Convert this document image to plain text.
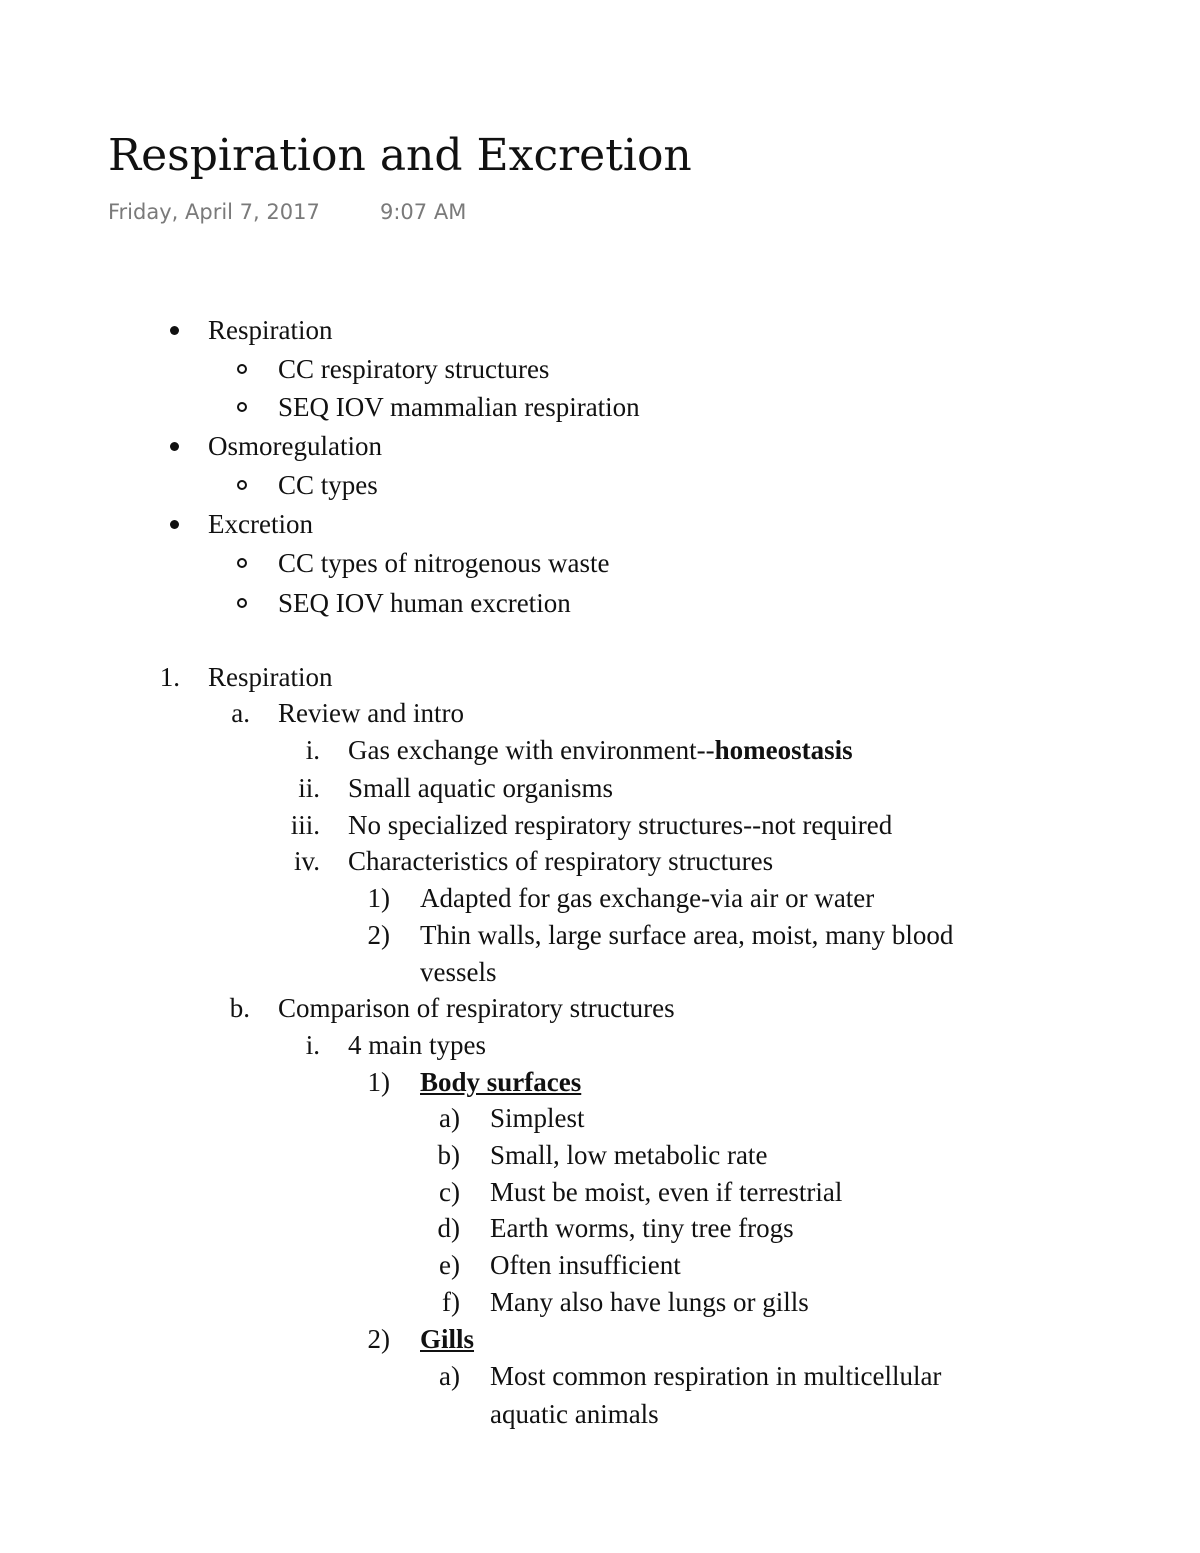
Respiration and Excretion
Friday, April 7, 2017	9:07 AM
Respiration
CC respiratory structures
SEQ IOV mammalian respiration
Osmoregulation
CC types
Excretion
CC types of nitrogenous waste
SEQ IOV human excretion
1. Respiration
a. Review and intro
i. Gas exchange with environment--homeostasis
ii. Small aquatic organisms
iii. No specialized respiratory structures--not required
iv. Characteristics of respiratory structures
1) Adapted for gas exchange-via air or water
2) Thin walls, large surface area, moist, many blood
vessels
b. Comparison of respiratory structures
i. 4 main types
1) Body surfaces
a) Simplest
b) Small, low metabolic rate
c) Must be moist, even if terrestrial
d) Earth worms, tiny tree frogs
e) Often insufficient
f) Many also have lungs or gills
2) Gills
a) Most common respiration in multicellular
aquatic animals
